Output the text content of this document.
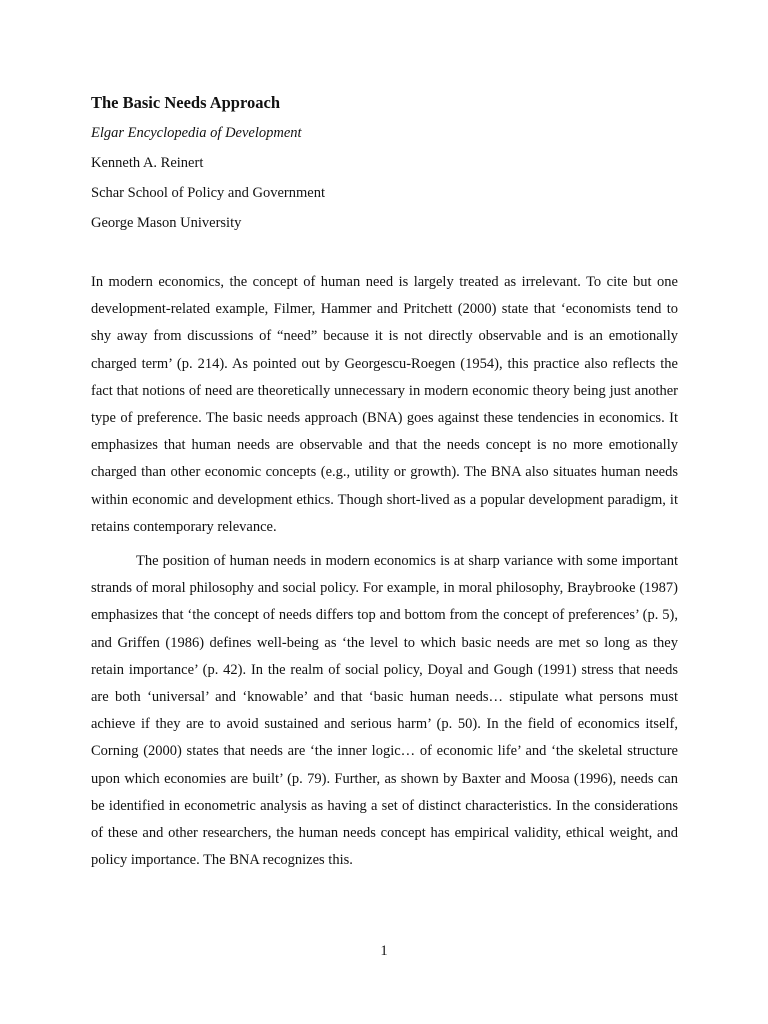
The Basic Needs Approach

Elgar Encyclopedia of Development

Kenneth A. Reinert

Schar School of Policy and Government

George Mason University

In modern economics, the concept of human need is largely treated as irrelevant. To cite but one development-related example, Filmer, Hammer and Pritchett (2000) state that ‘economists tend to shy away from discussions of “need” because it is not directly observable and is an emotionally charged term’ (p. 214). As pointed out by Georgescu-Roegen (1954), this practice also reflects the fact that notions of need are theoretically unnecessary in modern economic theory being just another type of preference. The basic needs approach (BNA) goes against these tendencies in economics. It emphasizes that human needs are observable and that the needs concept is no more emotionally charged than other economic concepts (e.g., utility or growth). The BNA also situates human needs within economic and development ethics. Though short-lived as a popular development paradigm, it retains contemporary relevance.

The position of human needs in modern economics is at sharp variance with some important strands of moral philosophy and social policy. For example, in moral philosophy, Braybrooke (1987) emphasizes that ‘the concept of needs differs top and bottom from the concept of preferences’ (p. 5), and Griffen (1986) defines well-being as ‘the level to which basic needs are met so long as they retain importance’ (p. 42). In the realm of social policy, Doyal and Gough (1991) stress that needs are both ‘universal’ and ‘knowable’ and that ‘basic human needs… stipulate what persons must achieve if they are to avoid sustained and serious harm’ (p. 50). In the field of economics itself, Corning (2000) states that needs are ‘the inner logic… of economic life’ and ‘the skeletal structure upon which economies are built’ (p. 79). Further, as shown by Baxter and Moosa (1996), needs can be identified in econometric analysis as having a set of distinct characteristics. In the considerations of these and other researchers, the human needs concept has empirical validity, ethical weight, and policy importance. The BNA recognizes this.

1
